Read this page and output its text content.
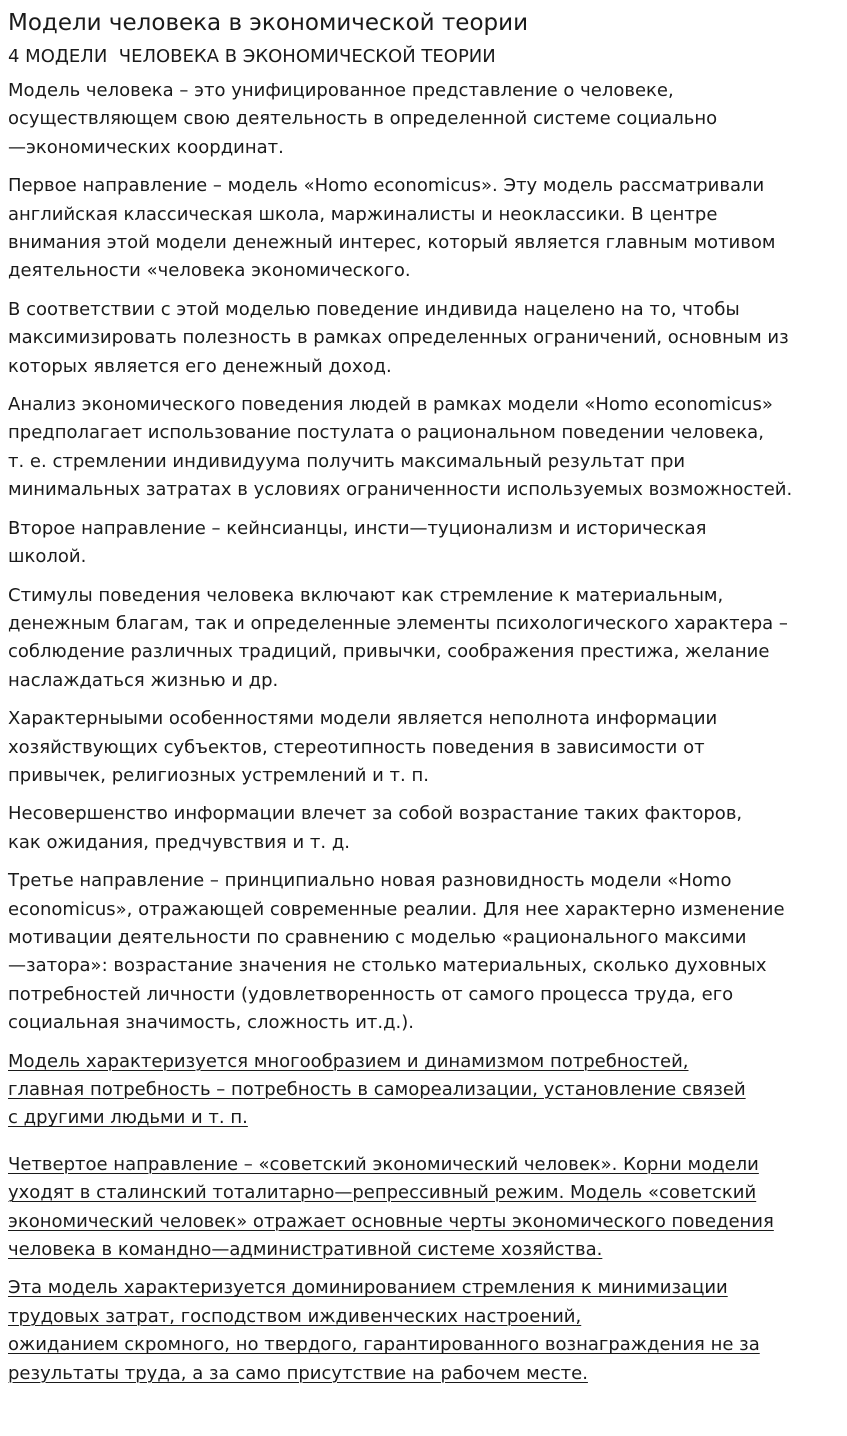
Модели человека в экономической теории
4 МОДЕЛИ  ЧЕЛОВЕКА В ЭКОНОМИЧЕСКОЙ ТЕОРИИ

Модель человека – это унифицированное представление о человеке,
осуществляющем свою деятельность в определенной системе социально
—экономических координат.

Первое направление – модель «Homo economicus». Эту модель рассматривали
английская классическая школа, маржиналисты и неоклассики. В центре
внимания этой модели денежный интерес, который является главным мотивом
деятельности «человека экономического.

В соответствии с этой моделью поведение индивида нацелено на то, чтобы
максимизировать полезность в рамках определенных ограничений, основным из
которых является его денежный доход.

Анализ экономического поведения людей в рамках модели «Homo economicus»
предполагает использование постулата о рациональном поведении человека,
т. е. стремлении индивидуума получить максимальный результат при
минимальных затратах в условиях ограниченности используемых возможностей.

Второе направление – кейнсианцы, инсти—туционализм и историческая
школой.

Стимулы поведения человека включают как стремление к материальным,
денежным благам, так и определенные элементы психологического характера –
соблюдение различных традиций, привычки, соображения престижа, желание
наслаждаться жизнью и др.

Характерныыми особенностями модели является неполнота информации
хозяйствующих субъектов, стереотипность поведения в зависимости от
привычек, религиозных устремлений и т. п.

Несовершенство информации влечет за собой возрастание таких факторов,
как ожидания, предчувствия и т. д.

Третье направление – принципиально новая разновидность модели «Homo
economicus», отражающей современные реалии. Для нее характерно изменение
мотивации деятельности по сравнению с моделью «рационального максими
—затора»: возрастание значения не столько материальных, сколько духовных
потребностей личности (удовлетворенность от самого процесса труда, его
социальная значимость, сложность ит.д.).

Модель характеризуется многообразием и динамизмом потребностей,
главная потребность – потребность в самореализации, установление связей
с другими людьми и т. п.

Четвертое направление – «советский экономический человек». Корни модели
уходят в сталинский тоталитарно—репрессивный режим. Модель «советский
экономический человек» отражает основные черты экономического поведения
человека в командно—административной системе хозяйства.

Эта модель характеризуется доминированием стремления к минимизации
трудовых затрат, господством иждивенческих настроений,
ожиданием скромного, но твердого, гарантированного вознаграждения не за
результаты труда, а за само присутствие на рабочем месте.
